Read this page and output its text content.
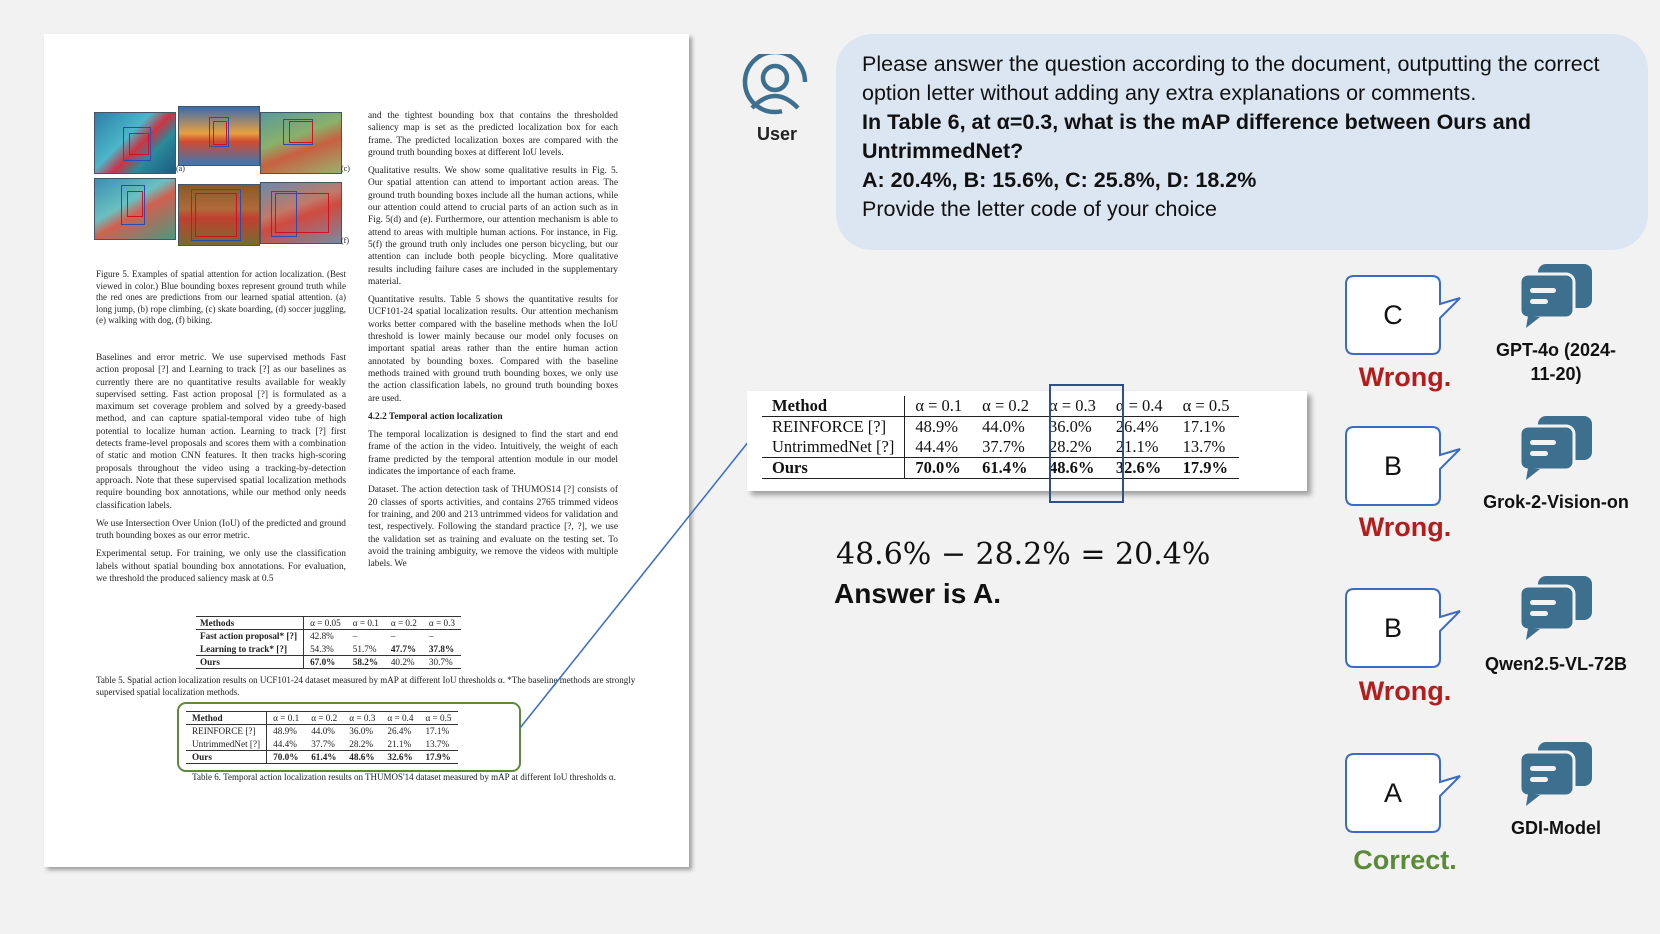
(a)	(c)
(f)
Figure 5. Examples of spatial attention for action localization. (Best viewed in color.) Blue bounding boxes represent ground truth while the red ones are predictions from our learned spatial attention. (a) long jump, (b) rope climbing, (c) skate boarding, (d) soccer juggling, (e) walking with dog, (f) biking.

Baselines and error metric. We use supervised methods Fast action proposal [?] and Learning to track [?] as our baselines as currently there are no quantitative results available for weakly supervised setting. Fast action proposal [?] is formulated as a maximum set coverage problem and solved by a greedy-based method, and can capture spatial-temporal video tube of high potential to localize human action. Learning to track [?] first detects frame-level proposals and scores them with a combination of static and motion CNN features. It then tracks high-scoring proposals throughout the video using a tracking-by-detection approach. Note that these supervised spatial localization methods require bounding box annotations, while our method only needs classification labels.

We use Intersection Over Union (IoU) of the predicted and ground truth bounding boxes as our error metric.

Experimental setup. For training, we only use the classification labels without spatial bounding box annotations. For evaluation, we threshold the produced saliency mask at 0.5

and the tightest bounding box that contains the thresholded saliency map is set as the predicted localization box for each frame. The predicted localization boxes are compared with the ground truth bounding boxes at different IoU levels.

Qualitative results. We show some qualitative results in Fig. 5. Our spatial attention can attend to important action areas. The ground truth bounding boxes include all the human actions, while our attention could attend to crucial parts of an action such as in Fig. 5(d) and (e). Furthermore, our attention mechanism is able to attend to areas with multiple human actions. For instance, in Fig. 5(f) the ground truth only includes one person bicycling, but our attention can include both people bicycling. More qualitative results including failure cases are included in the supplementary material.

Quantitative results. Table 5 shows the quantitative results for UCF101-24 spatial localization results. Our attention mechanism works better compared with the baseline methods when the IoU threshold is lower mainly because our model only focuses on important spatial areas rather than the entire human action annotated by bounding boxes. Compared with the baseline methods trained with ground truth bounding boxes, we only use the action classification labels, no ground truth bounding boxes are used.

4.2.2 Temporal action localization

The temporal localization is designed to find the start and end frame of the action in the video. Intuitively, the weight of each frame predicted by the temporal attention module in our model indicates the importance of each frame.

Dataset. The action detection task of THUMOS14 [?] consists of 20 classes of sports activities, and contains 2765 trimmed videos for training, and 200 and 213 untrimmed videos for validation and test, respectively. Following the standard practice [?, ?], we use the validation set as training and evaluate on the testing set. To avoid the training ambiguity, we remove the videos with multiple labels. We

Methods	α = 0.05	α = 0.1	α = 0.2	α = 0.3
Fast action proposal* [?]	42.8%	–	–	–
Learning to track* [?]	54.3%	51.7%	47.7%	37.8%
Ours	67.0%	58.2%	40.2%	30.7%
Table 5. Spatial action localization results on UCF101-24 dataset measured by mAP at different IoU thresholds α. *The baseline methods are strongly supervised spatial localization methods.
Method	α = 0.1	α = 0.2	α = 0.3	α = 0.4	α = 0.5
REINFORCE [?]	48.9%	44.0%	36.0%	26.4%	17.1%
UntrimmedNet [?]	44.4%	37.7%	28.2%	21.1%	13.7%
Ours	70.0%	61.4%	48.6%	32.6%	17.9%
Table 6. Temporal action localization results on THUMOS'14 dataset measured by mAP at different IoU thresholds α.
User
Please answer the question according to the document, outputting the correct option letter without adding any extra explanations or comments.
In Table 6, at α=0.3, what is the mAP difference between Ours and UntrimmedNet?
A: 20.4%, B: 15.6%, C: 25.8%, D: 18.2%
Provide the letter code of your choice
Method	α = 0.1	α = 0.2	α = 0.3	α = 0.4	α = 0.5
REINFORCE [?]	48.9%	44.0%	36.0%	26.4%	17.1%
UntrimmedNet [?]	44.4%	37.7%	28.2%	21.1%	13.7%
Ours	70.0%	61.4%	48.6%	32.6%	17.9%
48.6% − 28.2% = 20.4%
Answer is A.
C
Wrong.
GPT-4o (2024-11-20)
B
Wrong.
Grok-2-Vision-on
B
Wrong.
Qwen2.5-VL-72B
A
Correct.
GDI-Model
